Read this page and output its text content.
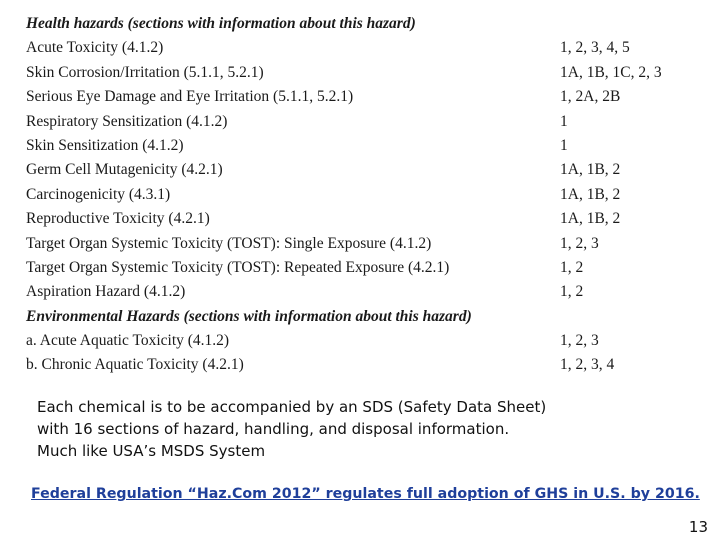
Health hazards (sections with information about this hazard)
Acute Toxicity (4.1.2)	1, 2, 3, 4, 5
Skin Corrosion/Irritation (5.1.1, 5.2.1)	1A, 1B, 1C, 2, 3
Serious Eye Damage and Eye Irritation (5.1.1, 5.2.1)	1, 2A, 2B
Respiratory Sensitization (4.1.2)	1
Skin Sensitization (4.1.2)	1
Germ Cell Mutagenicity (4.2.1)	1A, 1B, 2
Carcinogenicity (4.3.1)	1A, 1B, 2
Reproductive Toxicity (4.2.1)	1A, 1B, 2
Target Organ Systemic Toxicity (TOST): Single Exposure (4.1.2)	1, 2, 3
Target Organ Systemic Toxicity (TOST): Repeated Exposure (4.2.1)	1, 2
Aspiration Hazard (4.1.2)	1, 2
Environmental Hazards (sections with information about this hazard)
a. Acute Aquatic Toxicity (4.1.2)	1, 2, 3
b. Chronic Aquatic Toxicity (4.2.1)	1, 2, 3, 4
Each chemical is to be accompanied by an SDS (Safety Data Sheet)
with 16 sections of hazard, handling, and disposal information.
Much like USA’s MSDS System
Federal Regulation “Haz.Com 2012” regulates full adoption of GHS in U.S. by 2016.
13
